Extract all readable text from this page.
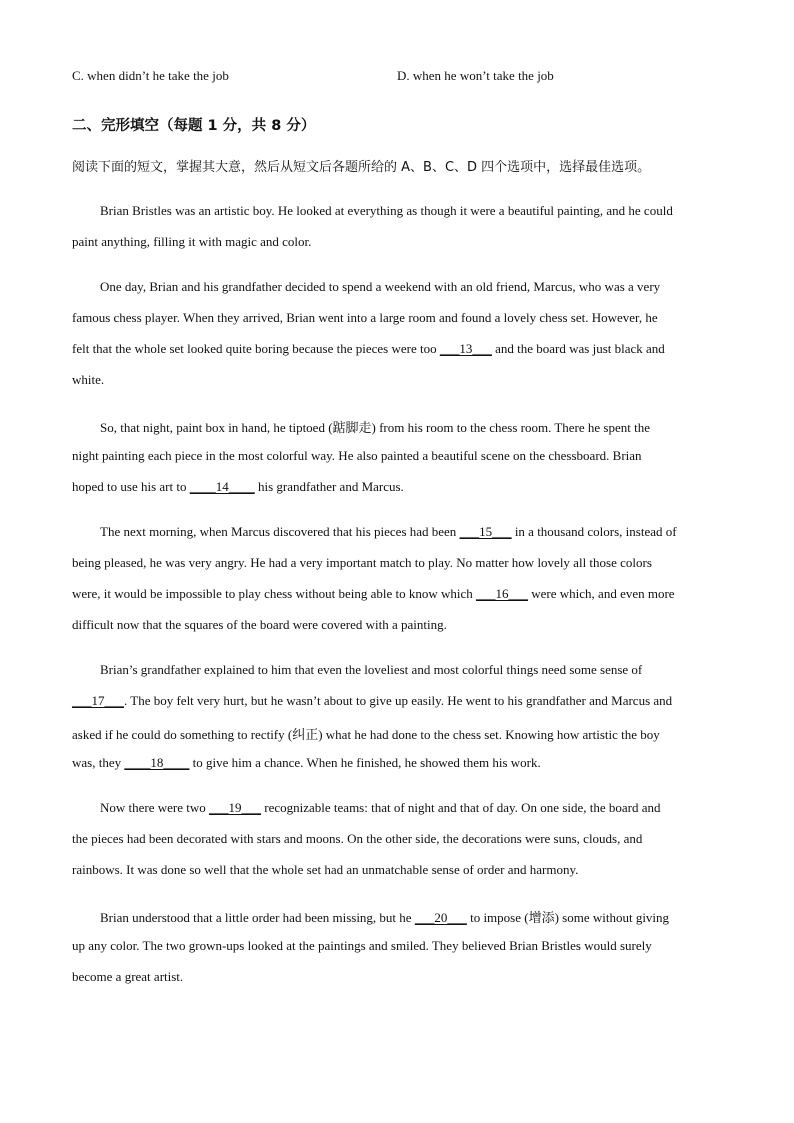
C. when didn’t he take the job	D. when he won’t take the job
二、完形填空（每题 1 分，共 8 分）
阅读下面的短文，掌握其大意，然后从短文后各题所给的 A、B、C、D 四个选项中，选择最佳选项。
Brian Bristles was an artistic boy. He looked at everything as though it were a beautiful painting, and he could
paint anything, filling it with magic and color.
One day, Brian and his grandfather decided to spend a weekend with an old friend, Marcus, who was a very
famous chess player. When they arrived, Brian went into a large room and found a lovely chess set. However, he
felt that the whole set looked quite boring because the pieces were too ___13___ and the board was just black and
white.
So, that night, paint box in hand, he tiptoed (踮脚走) from his room to the chess room. There he spent the
night painting each piece in the most colorful way. He also painted a beautiful scene on the chessboard. Brian
hoped to use his art to ____14____ his grandfather and Marcus.
The next morning, when Marcus discovered that his pieces had been ___15___ in a thousand colors, instead of
being pleased, he was very angry. He had a very important match to play. No matter how lovely all those colors
were, it would be impossible to play chess without being able to know which ___16___ were which, and even more
difficult now that the squares of the board were covered with a painting.
Brian’s grandfather explained to him that even the loveliest and most colorful things need some sense of
___17___. The boy felt very hurt, but he wasn’t about to give up easily. He went to his grandfather and Marcus and
asked if he could do something to rectify (纠正) what he had done to the chess set. Knowing how artistic the boy
was, they ____18____ to give him a chance. When he finished, he showed them his work.
Now there were two ___19___ recognizable teams: that of night and that of day. On one side, the board and
the pieces had been decorated with stars and moons. On the other side, the decorations were suns, clouds, and
rainbows. It was done so well that the whole set had an unmatchable sense of order and harmony.
Brian understood that a little order had been missing, but he ___20___ to impose (增添) some without giving
up any color. The two grown-ups looked at the paintings and smiled. They believed Brian Bristles would surely
become a great artist.
